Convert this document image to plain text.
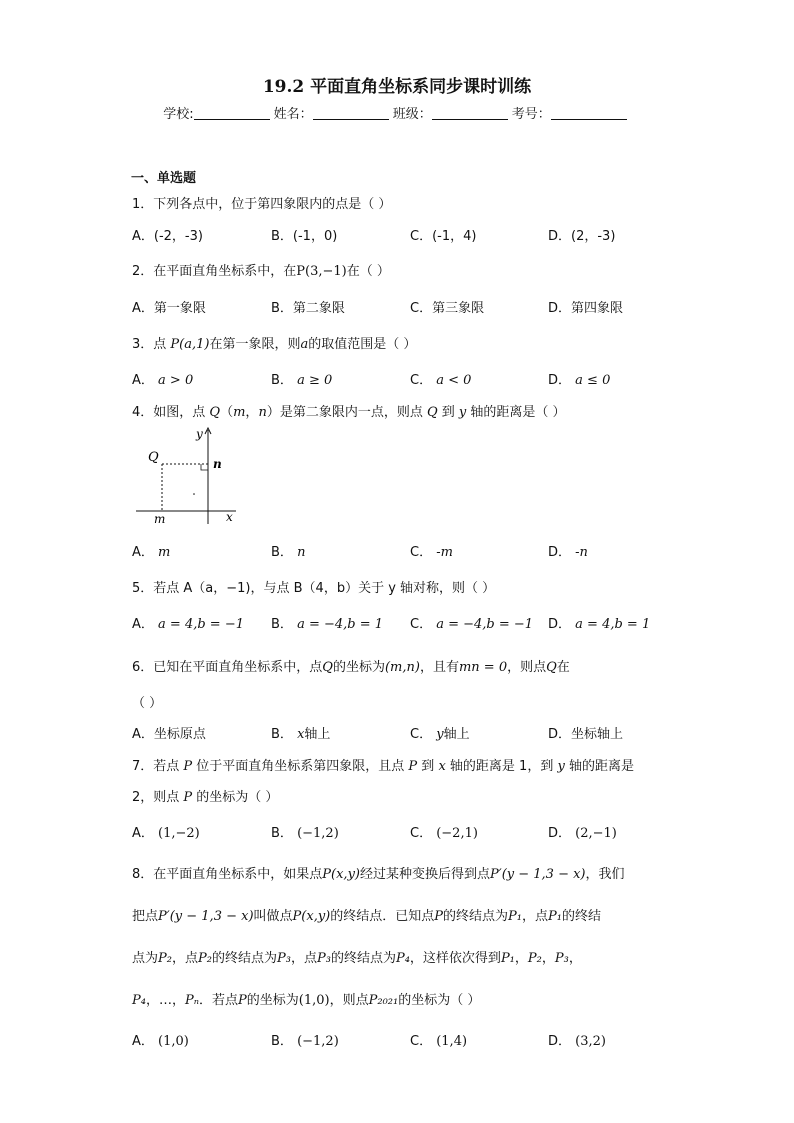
19.2 平面直角坐标系同步课时训练
学校:	姓名：	班级：	考号：
一、单选题
1．下列各点中，位于第四象限内的点是（ ）
A．(-2，-3)	B．(-1，0)	C．(-1，4)	D．(2，-3)
2．在平面直角坐标系中，在P(3,−1)在（ ）
A．第一象限	B．第二象限	C．第三象限	D．第四象限
3．点 P(a,1)在第一象限，则a的取值范围是（ ）
A． a > 0	B． a ≥ 0	C． a < 0	D． a ≤ 0
4．如图，点 Q（m，n）是第二象限内一点，则点 Q 到 y 轴的距离是（ ）
y
Q	n
m	x
A． m	B． n	C． -m	D． -n
5．若点 A（a，−1)，与点 B（4，b）关于 y 轴对称，则（ ）
A． a = 4,b = −1 B． a = −4,b = 1 C． a = −4,b = −1 D． a = 4,b = 1
6．已知在平面直角坐标系中，点Q的坐标为(m,n)，且有mn = 0，则点Q在
（ ）
A．坐标原点	B． x轴上	C． y轴上	D．坐标轴上
7．若点 P 位于平面直角坐标系第四象限，且点 P 到 x 轴的距离是 1，到 y 轴的距离是
2，则点 P 的坐标为（ ）
A． (1,−2)	B． (−1,2)	C． (−2,1)	D． (2,−1)
8．在平面直角坐标系中，如果点P(x,y)经过某种变换后得到点P′(y − 1,3 − x)，我们
把点P′(y − 1,3 − x)叫做点P(x,y)的终结点．已知点P的终结点为P₁，点P₁的终结
点为P₂，点P₂的终结点为P₃，点P₃的终结点为P₄，这样依次得到P₁，P₂，P₃，
P₄，…，Pₙ．若点P的坐标为(1,0)，则点P₂₀₂₁的坐标为（ ）
A． (1,0)	B． (−1,2)	C． (1,4)	D． (3,2)
